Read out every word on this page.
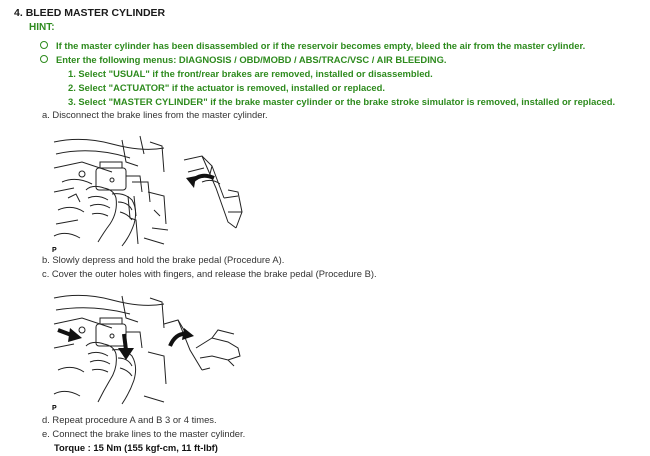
4. BLEED MASTER CYLINDER
HINT:
If the master cylinder has been disassembled or if the reservoir becomes empty, bleed the air from the master cylinder.
Enter the following menus: DIAGNOSIS / OBD/MOBD / ABS/TRAC/VSC / AIR BLEEDING.
1. Select "USUAL" if the front/rear brakes are removed, installed or disassembled.
2. Select "ACTUATOR" if the actuator is removed, installed or replaced.
3. Select "MASTER CYLINDER" if the brake master cylinder or the brake stroke simulator is removed, installed or replaced.
a. Disconnect the brake lines from the master cylinder.
P
b. Slowly depress and hold the brake pedal (Procedure A).
c. Cover the outer holes with fingers, and release the brake pedal (Procedure B).
P
d. Repeat procedure A and B 3 or 4 times.
e. Connect the brake lines to the master cylinder.
Torque : 15 Nm (155 kgf-cm, 11 ft-lbf)
